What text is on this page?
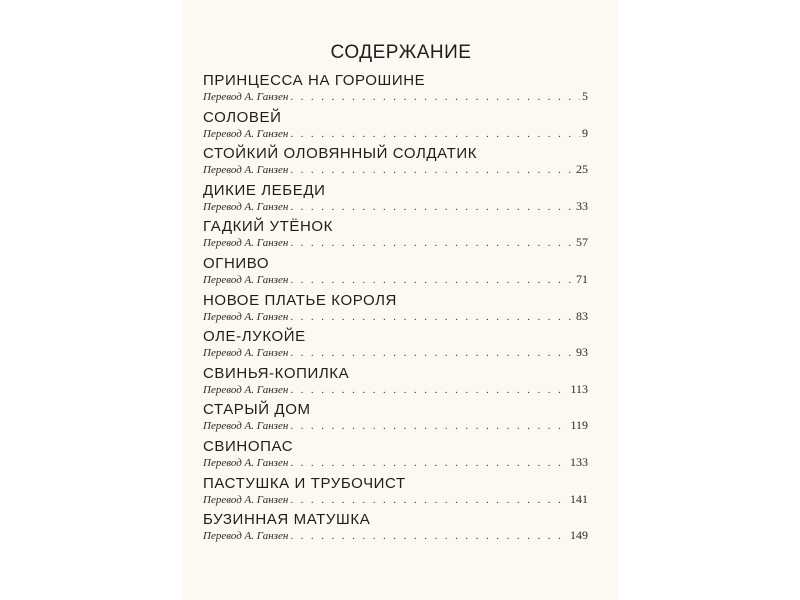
СОДЕРЖАНИЕ
ПРИНЦЕССА НА ГОРОШИНЕ
Перевод А. Ганзен . . .	5
СОЛОВЕЙ
Перевод А. Ганзен . . .	9
СТОЙКИЙ ОЛОВЯННЫЙ СОЛДАТИК
Перевод А. Ганзен . . .	25
ДИКИЕ ЛЕБЕДИ
Перевод А. Ганзен . . .	33
ГАДКИЙ УТЁНОК
Перевод А. Ганзен . . .	57
ОГНИВО
Перевод А. Ганзен . . .	71
НОВОЕ ПЛАТЬЕ КОРОЛЯ
Перевод А. Ганзен . . .	83
ОЛЕ-ЛУКОЙЕ
Перевод А. Ганзен . . .	93
СВИНЬЯ-КОПИЛКА
Перевод А. Ганзен . . .	113
СТАРЫЙ ДОМ
Перевод А. Ганзен . . .	119
СВИНОПАС
Перевод А. Ганзен . . .	133
ПАСТУШКА И ТРУБОЧИСТ
Перевод А. Ганзен . . .	141
БУЗИННАЯ МАТУШКА
Перевод А. Ганзен . . .	149
